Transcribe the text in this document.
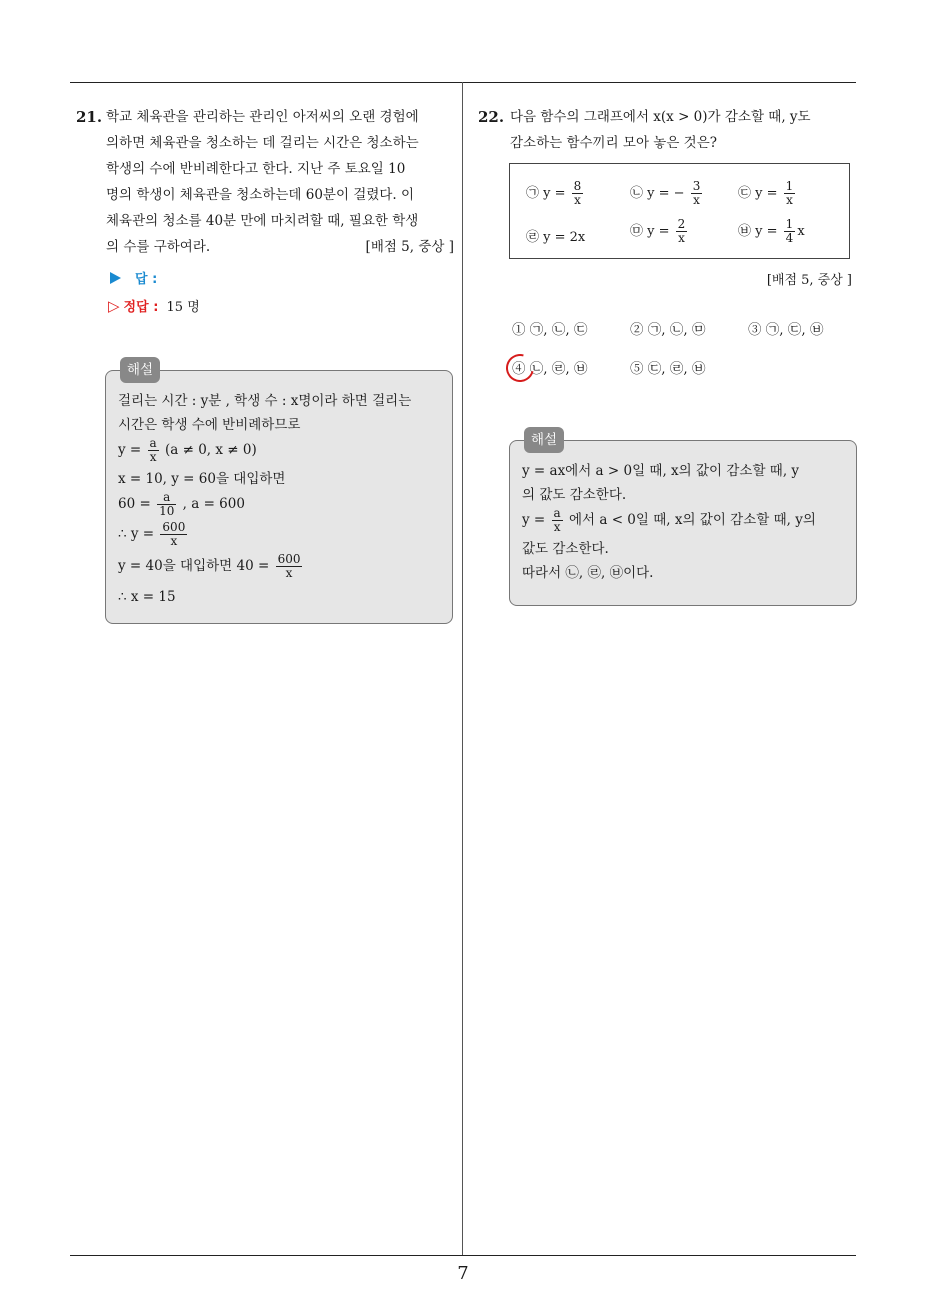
7
21. 학교 체육관을 관리하는 관리인 아저씨의 오랜 경험에
의하면 체육관을 청소하는 데 걸리는 시간은 청소하는
학생의 수에 반비례한다고 한다. 지난 주 토요일 10
명의 학생이 체육관을 청소하는데 60분이 걸렸다. 이
체육관의 청소를 40분 만에 마치려할 때, 필요한 학생
의 수를 구하여라.	[배점 5, 중상 ]
답 :
▷ 정답 : 15 명
해설
걸리는 시간 : y분 , 학생 수 : x명이라 하면 걸리는
시간은 학생 수에 반비례하므로
$y = \frac{a}{x} (a \ne 0$, x ≠ 0)
x = 10, y = 60을 대입하면
$60 = \frac{a}{10}$ , a = 600
∴ $y = \frac{600}{x}$
y = 40을 대입하면 $40 = \frac{600}{x}$
∴ x = 15
22. 다음 함수의 그래프에서 x(x > 0)가 감소할 때, y도
감소하는 함수끼리 모아 놓은 것은?
㉠ $y = \frac{8}{x}$	㉡ y = − $\frac{3}{x}$	㉢ $y = \frac{1}{x}$
㉣ y = 2x	㉤ $y = \frac{2}{x}$	㉥ $y = \frac{1}{4}$ x
[배점 5, 중상 ]
① ㉠, ㉡, ㉢	② ㉠, ㉡, ㉤	③ ㉠, ㉢, ㉥
④ ㉡, ㉣, ㉥	⑤ ㉢, ㉣, ㉥
해설
y = ax에서 a > 0일 때, x의 값이 감소할 때, y
의 값도 감소한다.
$y = \frac{a}{x}$ 에서 a < 0일 때, x의 값이 감소할 때, y의
값도 감소한다.
따라서 ㉡, ㉣, ㉥이다.
